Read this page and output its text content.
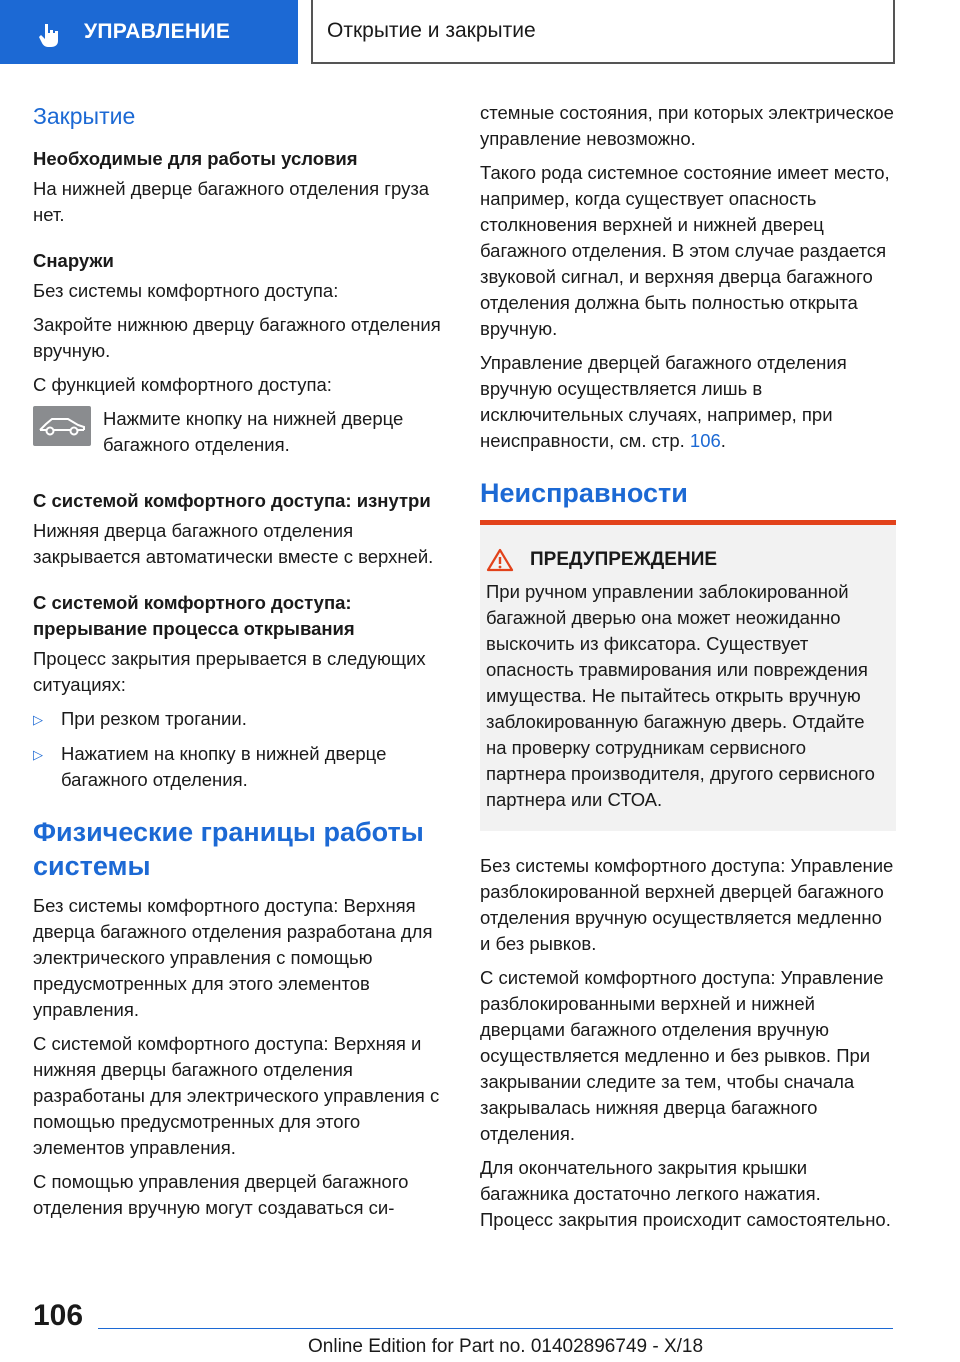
УПРАВЛЕНИЕ	Открытие и закрытие
Закрытие
Необходимые для работы условия
На нижней дверце багажного отделения груза нет.
Снаружи
Без системы комфортного доступа:
Закройте нижнюю дверцу багажного отделения вручную.
С функцией комфортного доступа:
Нажмите кнопку на нижней дверце багажного отделения.
С системой комфортного доступа: изнутри
Нижняя дверца багажного отделения закрывается автоматически вместе с верхней.
С системой комфортного доступа: прерывание процесса открывания
Процесс закрытия прерывается в следующих ситуациях:
▷ При резком трогании.
▷ Нажатием на кнопку в нижней дверце багажного отделения.
Физические границы работы системы
Без системы комфортного доступа: Верхняя дверца багажного отделения разработана для электрического управления с помощью предусмотренных для этого элементов управления.
С системой комфортного доступа: Верхняя и нижняя дверцы багажного отделения разработаны для электрического управления с помощью предусмотренных для этого элементов управления.
С помощью управления дверцей багажного отделения вручную могут создаваться си-
стемные состояния, при которых электрическое управление невозможно.
Такого рода системное состояние имеет место, например, когда существует опасность столкновения верхней и нижней дверец багажного отделения. В этом случае раздается звуковой сигнал, и верхняя дверца багажного отделения должна быть полностью открыта вручную.
Управление дверцей багажного отделения вручную осуществляется лишь в исключительных случаях, например, при неисправности, см. стр. 106.
Неисправности
ПРЕДУПРЕЖДЕНИЕ
При ручном управлении заблокированной багажной дверью она может неожиданно выскочить из фиксатора. Существует опасность травмирования или повреждения имущества. Не пытайтесь открыть вручную заблокированную багажную дверь. Отдайте на проверку сотрудникам сервисного партнера производителя, другого сервисного партнера или СТОА.
Без системы комфортного доступа: Управление разблокированной верхней дверцей багажного отделения вручную осуществляется медленно и без рывков.
С системой комфортного доступа: Управление разблокированными верхней и нижней дверцами багажного отделения вручную осуществляется медленно и без рывков. При закрывании следите за тем, чтобы сначала закрывалась нижняя дверца багажного отделения.
Для окончательного закрытия крышки багажника достаточно легкого нажатия. Процесс закрытия происходит самостоятельно.
106
Online Edition for Part no. 01402896749 - X/18
